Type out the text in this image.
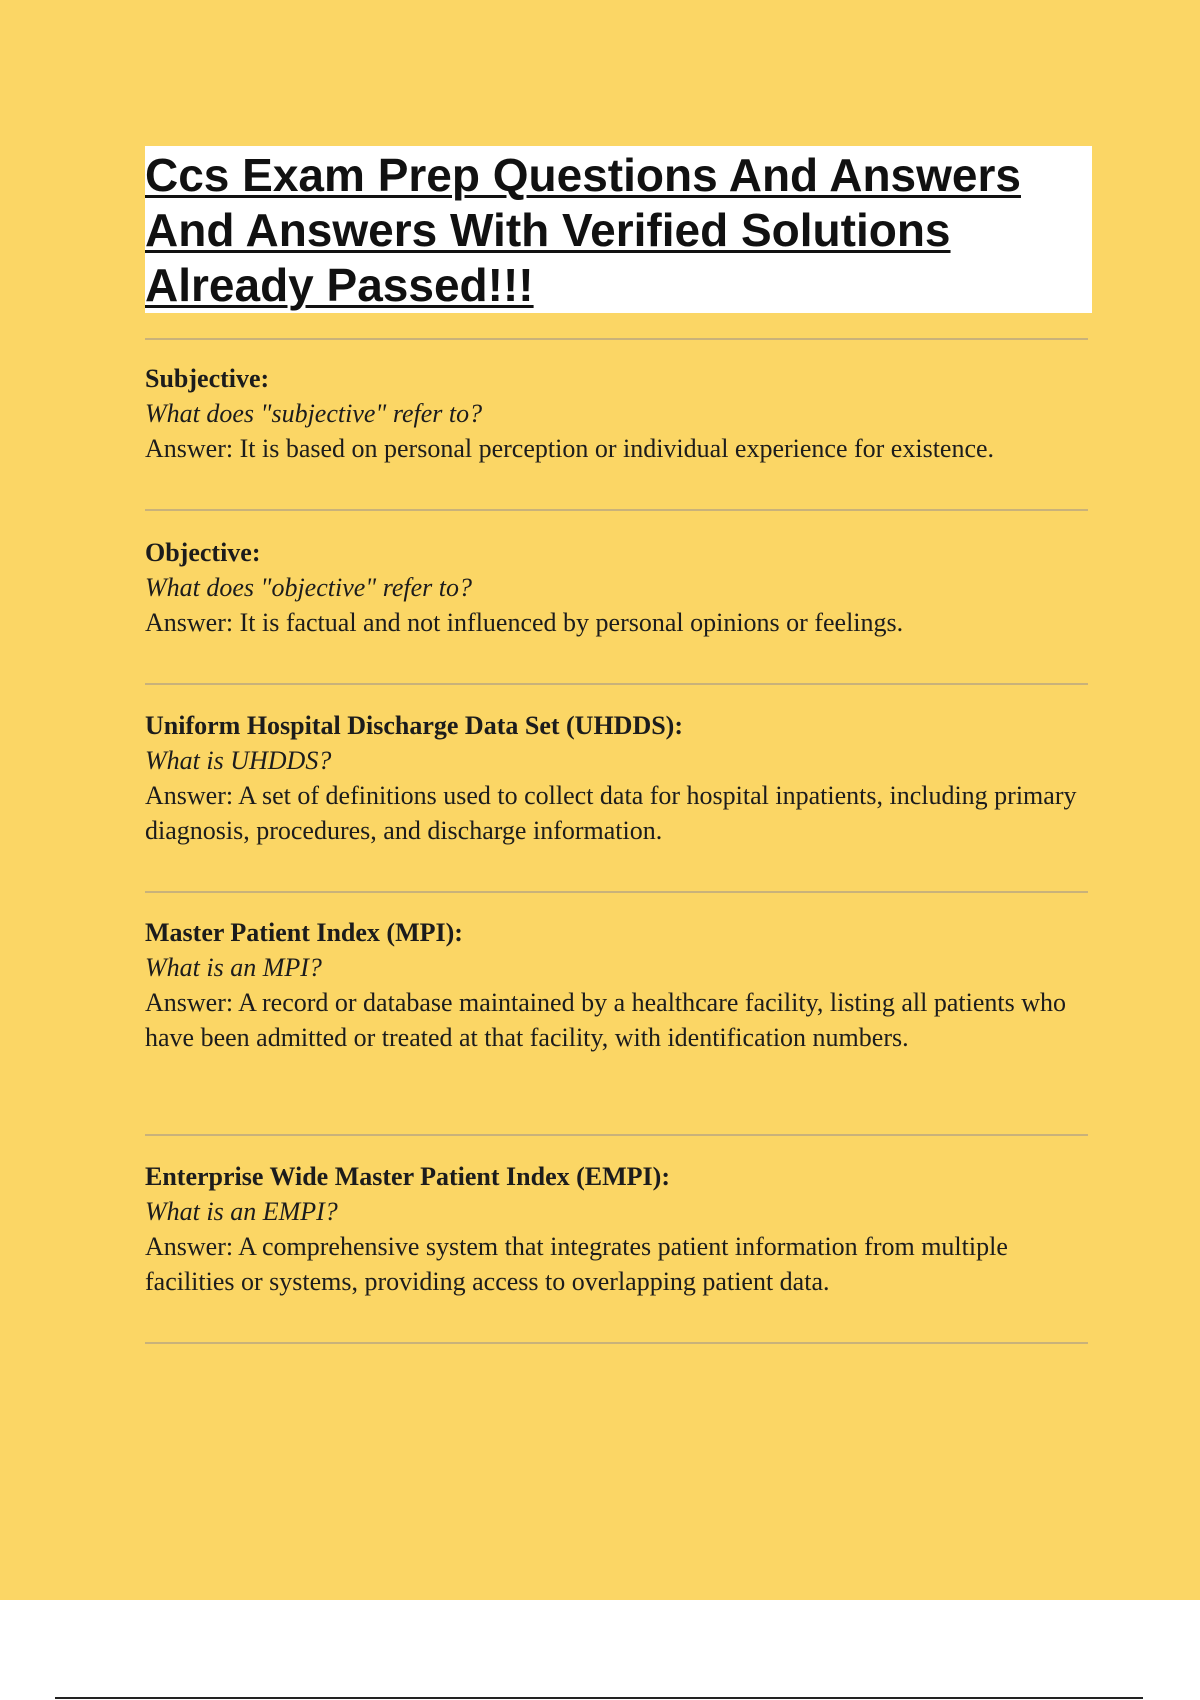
Ccs Exam Prep Questions And Answers And Answers With Verified Solutions Already Passed!!!
Subjective:
What does "subjective" refer to?
Answer: It is based on personal perception or individual experience for existence.
Objective:
What does "objective" refer to?
Answer: It is factual and not influenced by personal opinions or feelings.
Uniform Hospital Discharge Data Set (UHDDS):
What is UHDDS?
Answer: A set of definitions used to collect data for hospital inpatients, including primary diagnosis, procedures, and discharge information.
Master Patient Index (MPI):
What is an MPI?
Answer: A record or database maintained by a healthcare facility, listing all patients who have been admitted or treated at that facility, with identification numbers.
Enterprise Wide Master Patient Index (EMPI):
What is an EMPI?
Answer: A comprehensive system that integrates patient information from multiple facilities or systems, providing access to overlapping patient data.
